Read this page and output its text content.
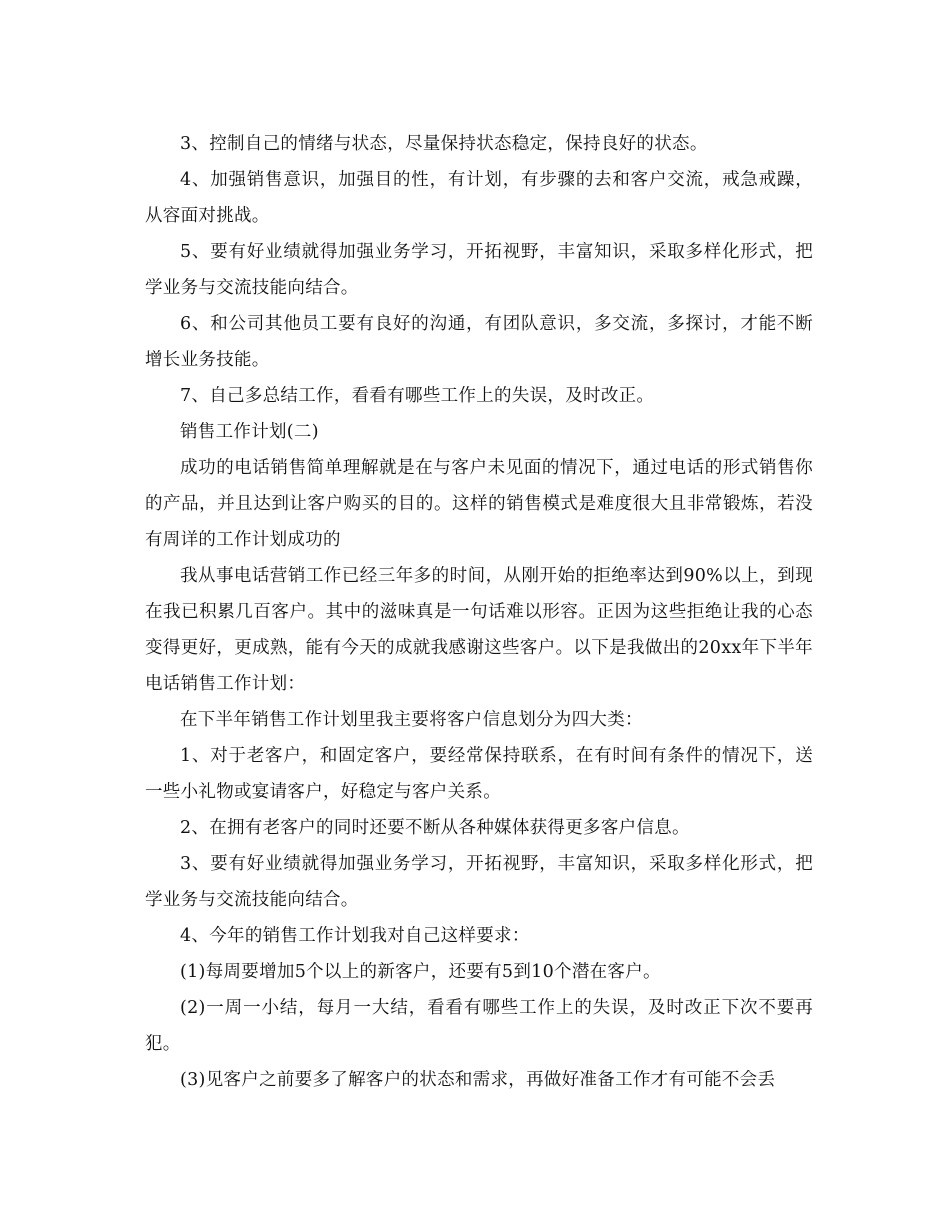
3、控制自己的情绪与状态，尽量保持状态稳定，保持良好的状态。

4、加强销售意识，加强目的性，有计划，有步骤的去和客户交流，戒急戒躁，从容面对挑战。

5、要有好业绩就得加强业务学习，开拓视野，丰富知识，采取多样化形式，把学业务与交流技能向结合。

6、和公司其他员工要有良好的沟通，有团队意识，多交流，多探讨，才能不断增长业务技能。

7、自己多总结工作，看看有哪些工作上的失误，及时改正。

销售工作计划(二)

成功的电话销售简单理解就是在与客户未见面的情况下，通过电话的形式销售你的产品，并且达到让客户购买的目的。这样的销售模式是难度很大且非常锻炼，若没有周详的工作计划成功的

我从事电话营销工作已经三年多的时间，从刚开始的拒绝率达到90%以上，到现在我已积累几百客户。其中的滋味真是一句话难以形容。正因为这些拒绝让我的心态变得更好，更成熟，能有今天的成就我感谢这些客户。以下是我做出的20xx年下半年电话销售工作计划：

在下半年销售工作计划里我主要将客户信息划分为四大类：

1、对于老客户，和固定客户，要经常保持联系，在有时间有条件的情况下，送一些小礼物或宴请客户，好稳定与客户关系。

2、在拥有老客户的同时还要不断从各种媒体获得更多客户信息。

3、要有好业绩就得加强业务学习，开拓视野，丰富知识，采取多样化形式，把学业务与交流技能向结合。

4、今年的销售工作计划我对自己这样要求：

(1)每周要增加5个以上的新客户，还要有5到10个潜在客户。

(2)一周一小结，每月一大结，看看有哪些工作上的失误，及时改正下次不要再犯。

(3)见客户之前要多了解客户的状态和需求，再做好准备工作才有可能不会丢
